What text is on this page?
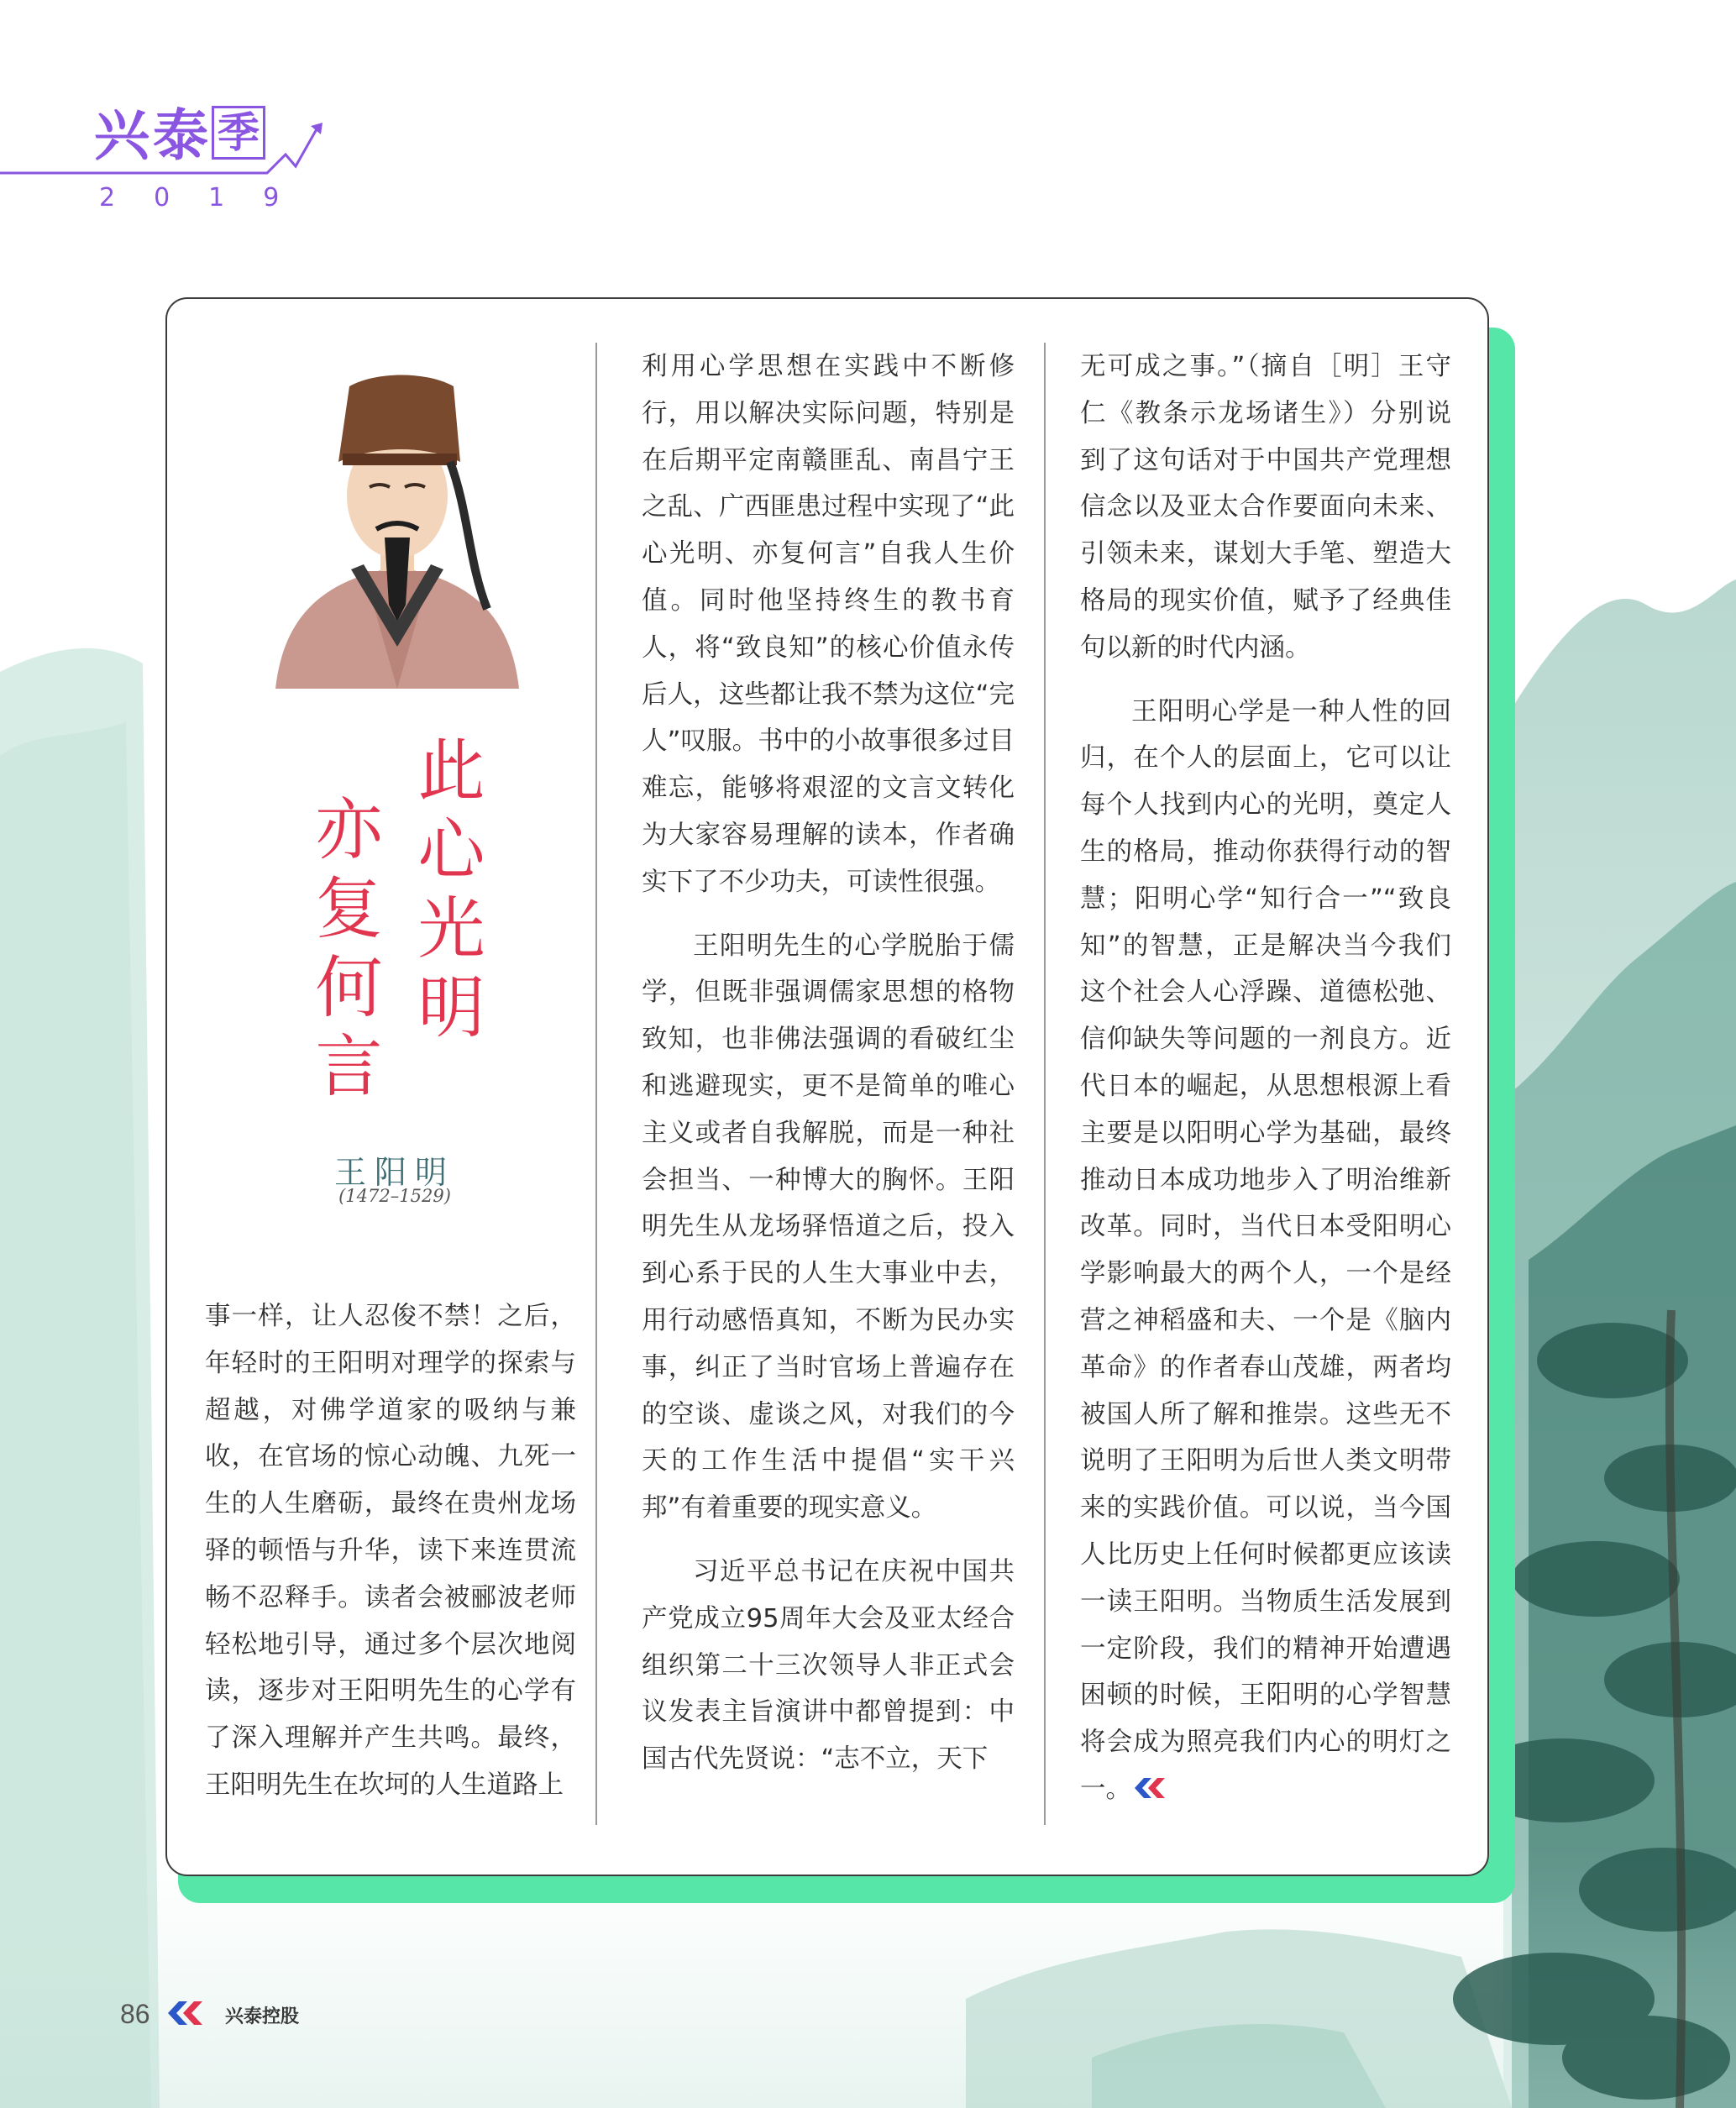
兴泰 季
2019
此心光明
亦复何言
王阳明
(1472–1529)

事一样，让人忍俊不禁！之后，年轻时的王阳明对理学的探索与超越，对佛学道家的吸纳与兼收，在官场的惊心动魄、九死一生的人生磨砺，最终在贵州龙场驿的顿悟与升华，读下来连贯流畅不忍释手。读者会被郦波老师轻松地引导，通过多个层次地阅读，逐步对王阳明先生的心学有了深入理解并产生共鸣。最终，王阳明先生在坎坷的人生道路上

利用心学思想在实践中不断修行，用以解决实际问题，特别是在后期平定南赣匪乱、南昌宁王之乱、广西匪患过程中实现了“此心光明、亦复何言”自我人生价值。同时他坚持终生的教书育人，将“致良知”的核心价值永传后人，这些都让我不禁为这位“完人”叹服。书中的小故事很多过目难忘，能够将艰涩的文言文转化为大家容易理解的读本，作者确实下了不少功夫，可读性很强。

王阳明先生的心学脱胎于儒学，但既非强调儒家思想的格物致知，也非佛法强调的看破红尘和逃避现实，更不是简单的唯心主义或者自我解脱，而是一种社会担当、一种博大的胸怀。王阳明先生从龙场驿悟道之后，投入到心系于民的人生大事业中去，用行动感悟真知，不断为民办实事，纠正了当时官场上普遍存在的空谈、虚谈之风，对我们的今天的工作生活中提倡“实干兴邦”有着重要的现实意义。

习近平总书记在庆祝中国共产党成立95周年大会及亚太经合组织第二十三次领导人非正式会议发表主旨演讲中都曾提到：中国古代先贤说：“志不立，天下

无可成之事。”（摘自［明］王守仁《教条示龙场诸生》）分别说到了这句话对于中国共产党理想信念以及亚太合作要面向未来、引领未来，谋划大手笔、塑造大格局的现实价值，赋予了经典佳句以新的时代内涵。

王阳明心学是一种人性的回归，在个人的层面上，它可以让每个人找到内心的光明，奠定人生的格局，推动你获得行动的智慧；阳明心学“知行合一”“致良知”的智慧，正是解决当今我们这个社会人心浮躁、道德松弛、信仰缺失等问题的一剂良方。近代日本的崛起，从思想根源上看主要是以阳明心学为基础，最终推动日本成功地步入了明治维新改革。同时，当代日本受阳明心学影响最大的两个人，一个是经营之神稻盛和夫、一个是《脑内革命》的作者春山茂雄，两者均被国人所了解和推崇。这些无不说明了王阳明为后世人类文明带来的实践价值。可以说，当今国人比历史上任何时候都更应该读一读王阳明。当物质生活发展到一定阶段，我们的精神开始遭遇困顿的时候，王阳明的心学智慧将会成为照亮我们内心的明灯之一。

86	兴泰控股
